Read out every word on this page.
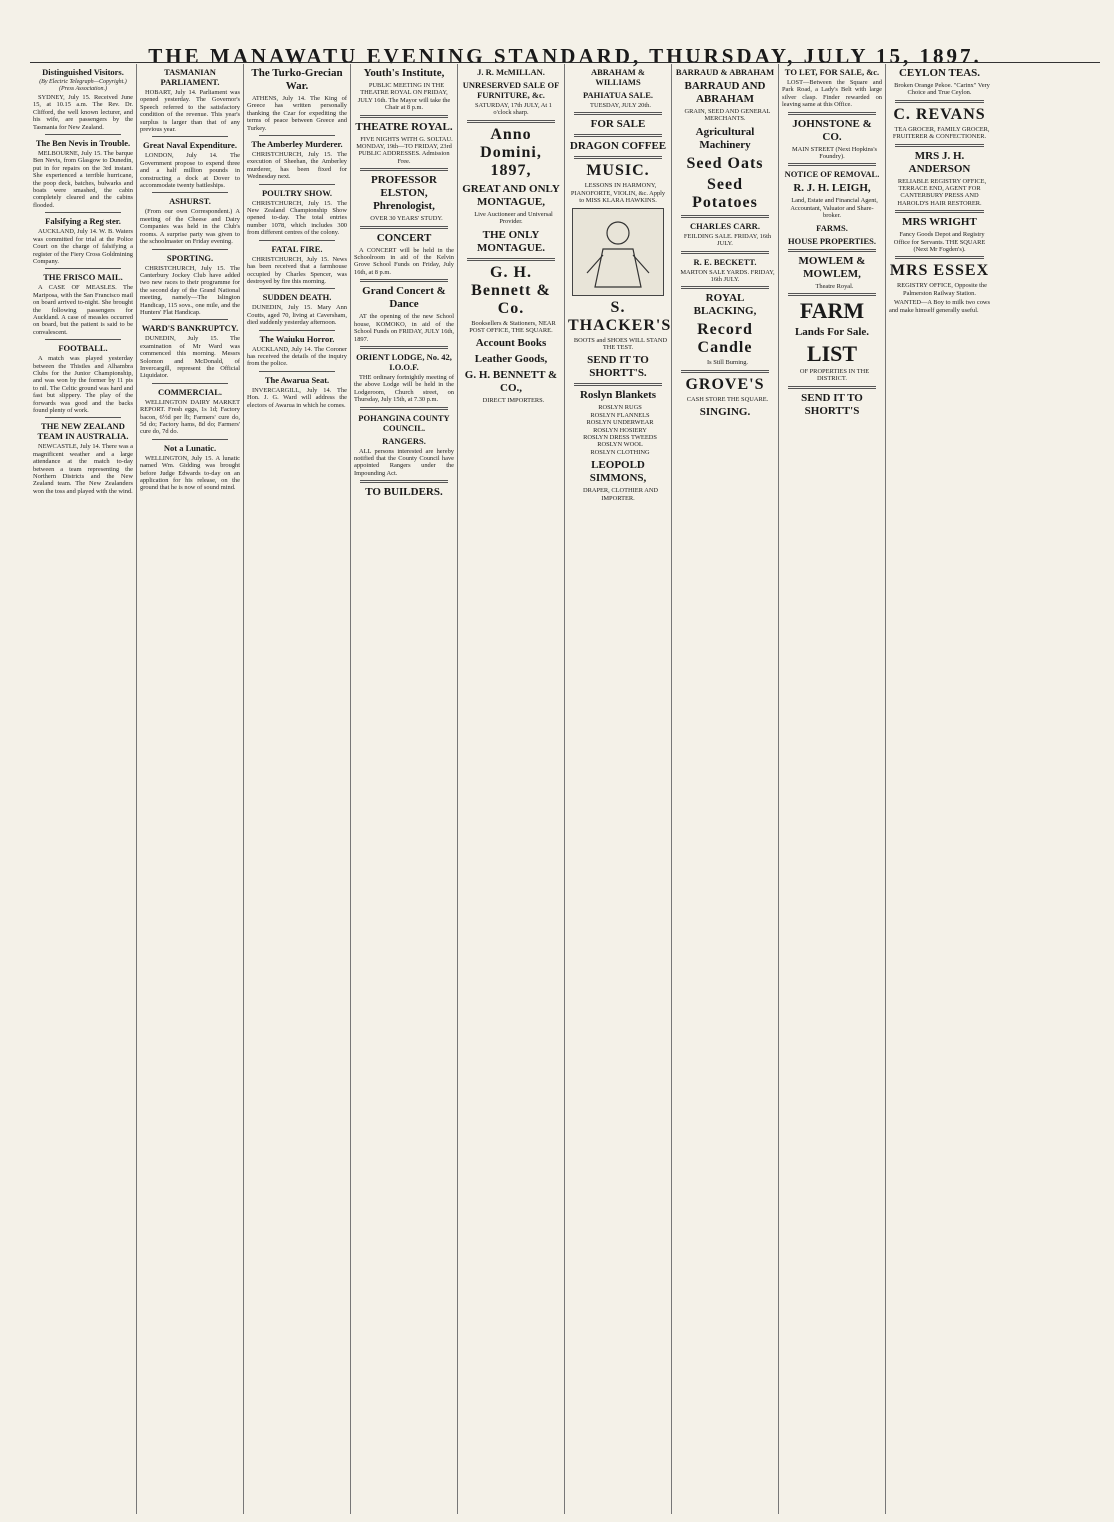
THE MANAWATU EVENING STANDARD, THURSDAY, JULY 15, 1897.
Distinguished Visitors.
(By Electric Telegraph—Copyright.) (Press Association.)
SYDNEY, July 15. Received June 15, at 10.15 a.m. The Rev. Dr. Clifford, the well known lecturer, and his wife, are passengers by the Tasmania for New Zealand.
The Ben Nevis in Trouble.
MELBOURNE, July 15. The barque Ben Nevis, from Glasgow to Dunedin, put in for repairs on the 3rd instant. She experienced a terrible hurricane, the poop deck, batches, bulwarks and boats were smashed, the cabin completely cleared and the cabins flooded.
Falsifying a Reg ster.
AUCKLAND, July 14. W. B. Waters was committed for trial at the Police Court on the charge of falsifying a register of the Fiery Cross Goldmining Company.
THE FRISCO MAIL.
A CASE OF MEASLES. The Mariposa, with the San Francisco mail on board arrived to-night. She brought the following passengers for Auckland. A case of measles occurred on board, but the patient is said to be convalescent.
FOOTBALL.
A match was played yesterday between the Thistles and Alhambra Clubs for the Junior Championship, and was won by the former by 11 pts to nil. The Celtic ground was hard and fast but slippery. The play of the forwards was good and the backs found plenty of work.
THE NEW ZEALAND TEAM IN AUSTRALIA.
NEWCASTLE, July 14. There was a magnificent weather and a large attendance at the match to-day between a team representing the Northern Districts and the New Zealand team. The New Zealanders won the toss and played with the wind.
TASMANIAN PARLIAMENT.
HOBART, July 14. Parliament was opened yesterday. The Governor's Speech referred to the satisfactory condition of the revenue. This year's surplus is larger than that of any previous year.
Great Naval Expenditure.
LONDON, July 14. The Government propose to expend three and a half million pounds in constructing a dock at Dover to accommodate twenty battleships.
ASHURST.
(From our own Correspondent.) A meeting of the Cheese and Dairy Companies was held in the Club's rooms. A surprise party was given to the schoolmaster on Friday evening.
SPORTING.
CHRISTCHURCH, July 15. The Canterbury Jockey Club have added two new races to their programme for the second day of the Grand National meeting, namely—The Islington Handicap, 115 sovs., one mile, and the Hunters' Flat Handicap.
WARD'S BANKRUPTCY.
DUNEDIN, July 15. The examination of Mr Ward was commenced this morning. Messrs Solomon and McDonald, of Invercargill, represent the Official Liquidator.
COMMERCIAL.
WELLINGTON DAIRY MARKET REPORT. Fresh eggs, 1s 1d; Factory bacon, 6½d per lb; Farmers' cure do, 5d do; Factory hams, 8d do; Farmers' cure do, 7d do.
Not a Lunatic.
WELLINGTON, July 15. A lunatic named Wm. Gidding was brought before Judge Edwards to-day on an application for his release, on the ground that he is now of sound mind.
The Turko-Grecian War.
ATHENS, July 14. The King of Greece has written personally thanking the Czar for expediting the terms of peace between Greece and Turkey.
The Amberley Murderer.
CHRISTCHURCH, July 15. The execution of Sheehan, the Amberley murderer, has been fixed for Wednesday next.
POULTRY SHOW.
CHRISTCHURCH, July 15. The New Zealand Championship Show opened to-day. The total entries number 1078, which includes 300 from different centres of the colony.
FATAL FIRE.
CHRISTCHURCH, July 15. News has been received that a farmhouse occupied by Charles Spencer, was destroyed by fire this morning.
SUDDEN DEATH.
DUNEDIN, July 15. Mary Ann Coutts, aged 70, living at Caversham, died suddenly yesterday afternoon.
The Waiuku Horror.
AUCKLAND, July 14. The Coroner has received the details of the inquiry from the police.
The Awarua Seat.
INVERCARGILL, July 14. The Hon. J. G. Ward will address the electors of Awarua in which he comes.
Youth's Institute,
PUBLIC MEETING IN THE THEATRE ROYAL ON FRIDAY, JULY 16th. The Mayor will take the Chair at 8 p.m.
THEATRE ROYAL.
FIVE NIGHTS WITH G. SOLTAU. MONDAY, 19th—TO FRIDAY, 23rd PUBLIC ADDRESSES. Admission Free.
PROFESSOR ELSTON, Phrenologist,
OVER 30 YEARS' STUDY.
CONCERT
A CONCERT will be held in the Schoolroom in aid of the Kelvin Grove School Funds on Friday, July 16th, at 8 p.m.
Grand Concert & Dance
AT the opening of the new School house, KOMOKO, in aid of the School Funds on FRIDAY, JULY 16th, 1897.
ORIENT LODGE, No. 42, I.O.O.F.
THE ordinary fortnightly meeting of the above Lodge will be held in the Lodgeroom, Church street, on Thursday, July 15th, at 7.30 p.m.
POHANGINA COUNTY COUNCIL.
RANGERS.
ALL persons interested are hereby notified that the County Council have appointed Rangers under the Impounding Act.
TO BUILDERS.
J. R. McMILLAN.
UNRESERVED SALE OF FURNITURE, &c.
SATURDAY, 17th JULY, At 1 o'clock sharp.
Anno Domini, 1897,
GREAT AND ONLY MONTAGUE,
Live Auctioneer and Universal Provider.
THE ONLY MONTAGUE.
G. H. Bennett & Co.
Booksellers & Stationers, NEAR POST OFFICE, THE SQUARE.
Account Books
Leather Goods,
G. H. BENNETT & CO.,
DIRECT IMPORTERS.
ABRAHAM & WILLIAMS
PAHIATUA SALE.
TUESDAY, JULY 20th.
FOR SALE
DRAGON COFFEE
MUSIC.
LESSONS IN HARMONY, PIANOFORTE, VIOLIN, &c. Apply to MISS KLARA HAWKINS.
S. THACKER'S
BOOTS and SHOES WILL STAND THE TEST.
SEND IT TO SHORTT'S.
Roslyn Blankets
ROSLYN RUGS
ROSLYN FLANNELS
ROSLYN UNDERWEAR
ROSLYN HOSIERY
ROSLYN DRESS TWEEDS
ROSLYN WOOL
ROSLYN CLOTHING
LEOPOLD SIMMONS,
DRAPER, CLOTHIER AND IMPORTER.
BARRAUD & ABRAHAM
BARRAUD AND ABRAHAM
GRAIN, SEED AND GENERAL MERCHANTS.
Agricultural Machinery
Seed Oats
Seed Potatoes
CHARLES CARR.
FEILDING SALE. FRIDAY, 16th JULY.
R. E. BECKETT.
MARTON SALE YARDS. FRIDAY, 16th JULY.
ROYAL BLACKING,
Record Candle
Is Still Burning.
GROVE'S
CASH STORE THE SQUARE.
SINGING.
TO LET, FOR SALE, &c.
LOST—Between the Square and Park Road, a Lady's Belt with large silver clasp. Finder rewarded on leaving same at this Office.
JOHNSTONE & CO.
MAIN STREET (Next Hopkins's Foundry).
NOTICE OF REMOVAL.
R. J. H. LEIGH,
Land, Estate and Financial Agent, Accountant, Valuator and Share-broker.
FARMS.
HOUSE PROPERTIES.
MOWLEM & MOWLEM,
Theatre Royal.
FARM
Lands For Sale.
LIST
OF PROPERTIES IN THE DISTRICT.
SEND IT TO SHORTT'S
CEYLON TEAS.
Broken Orange Pekoe. "Carinx" Very Choice and True Ceylon.
C. REVANS
TEA GROCER, FAMILY GROCER, FRUITERER & CONFECTIONER.
MRS J. H. ANDERSON
RELIABLE REGISTRY OFFICE, TERRACE END, AGENT FOR CANTERBURY PRESS AND HAROLD'S HAIR RESTORER.
MRS WRIGHT
Fancy Goods Depot and Registry Office for Servants. THE SQUARE (Next Mr Fogden's).
MRS ESSEX
REGISTRY OFFICE, Opposite the Palmerston Railway Station.
WANTED—A Boy to milk two cows and make himself generally useful.
